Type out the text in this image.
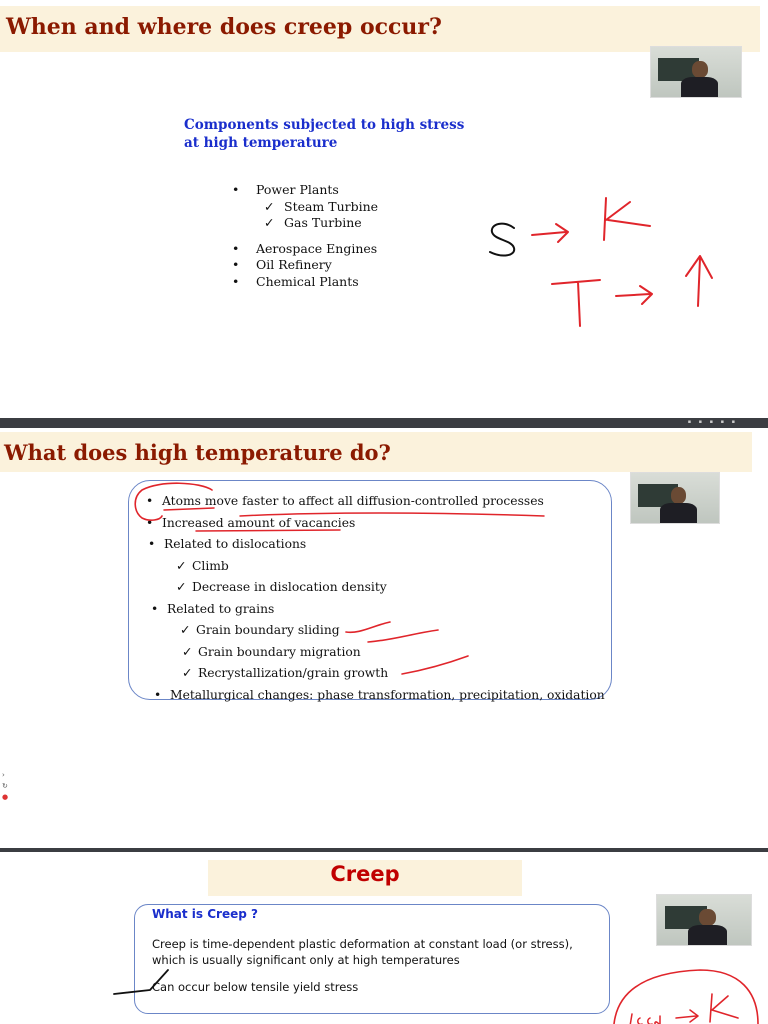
When and where does creep occur?
Components subjected to high stress
at high temperature
• Power Plants
✓ Steam Turbine
✓ Gas Turbine
• Aerospace Engines
• Oil Refinery
• Chemical Plants
▪ ▪ ▪ ▪ ▪
What does high temperature do?
• Atoms move faster to affect all diffusion-controlled processes
• Increased amount of vacancies
• Related to dislocations
✓ Climb
✓ Decrease in dislocation density
• Related to grains
✓ Grain boundary sliding
✓ Grain boundary migration
✓ Recrystallization/grain growth
• Metallurgical changes: phase transformation, precipitation, oxidation
›
↻
●
Creep
What is Creep ?
Creep is time-dependent plastic deformation at constant load (or stress),
which is usually significant only at high temperatures
Can occur below tensile yield stress
